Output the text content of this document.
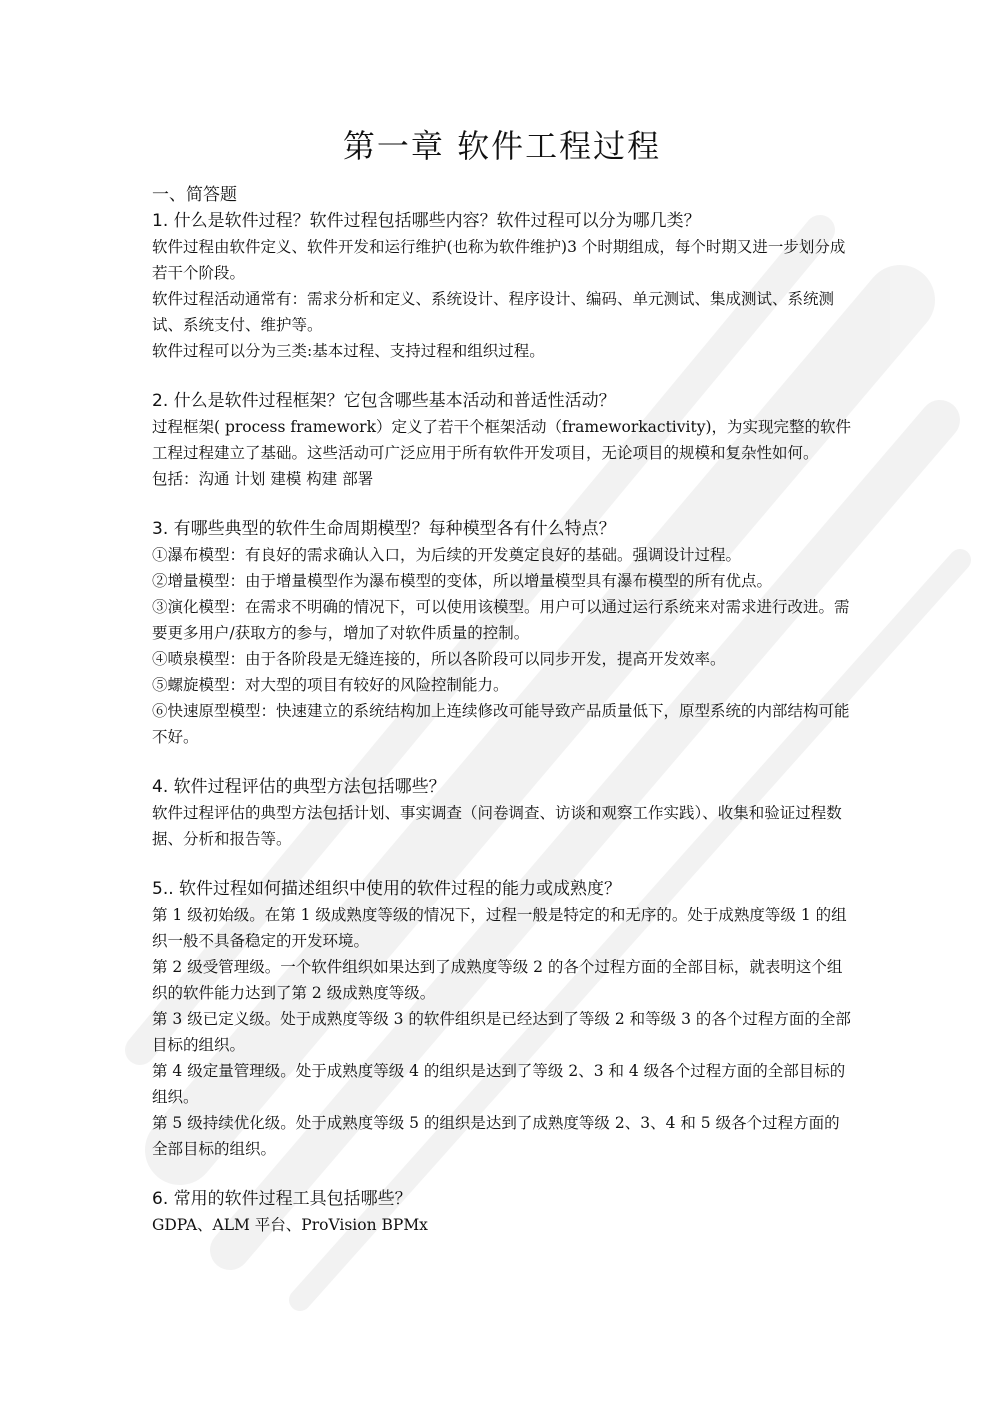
第一章 软件工程过程

一、简答题

1. 什么是软件过程？软件过程包括哪些内容？软件过程可以分为哪几类？

软件过程由软件定义、软件开发和运行维护(也称为软件维护)3 个时期组成，每个时期又进一步划分成若干个阶段。

软件过程活动通常有：需求分析和定义、系统设计、程序设计、编码、单元测试、集成测试、系统测试、系统支付、维护等。

软件过程可以分为三类:基本过程、支持过程和组织过程。

2. 什么是软件过程框架？它包含哪些基本活动和普适性活动？

过程框架( process framework）定义了若干个框架活动（frameworkactivity)，为实现完整的软件工程过程建立了基础。这些活动可广泛应用于所有软件开发项目，无论项目的规模和复杂性如何。

包括：沟通 计划 建模 构建 部署

3. 有哪些典型的软件生命周期模型？每种模型各有什么特点？

①瀑布模型：有良好的需求确认入口，为后续的开发奠定良好的基础。强调设计过程。

②增量模型：由于增量模型作为瀑布模型的变体，所以增量模型具有瀑布模型的所有优点。

③演化模型：在需求不明确的情况下，可以使用该模型。用户可以通过运行系统来对需求进行改进。需要更多用户/获取方的参与，增加了对软件质量的控制。

④喷泉模型：由于各阶段是无缝连接的，所以各阶段可以同步开发，提高开发效率。

⑤螺旋模型：对大型的项目有较好的风险控制能力。

⑥快速原型模型：快速建立的系统结构加上连续修改可能导致产品质量低下，原型系统的内部结构可能不好。

4. 软件过程评估的典型方法包括哪些？

软件过程评估的典型方法包括计划、事实调查（问卷调查、访谈和观察工作实践）、收集和验证过程数据、分析和报告等。

5.. 软件过程如何描述组织中使用的软件过程的能力或成熟度？

第 1 级初始级。在第 1 级成熟度等级的情况下，过程一般是特定的和无序的。处于成熟度等级 1 的组织一般不具备稳定的开发环境。

第 2 级受管理级。一个软件组织如果达到了成熟度等级 2 的各个过程方面的全部目标，就表明这个组织的软件能力达到了第 2 级成熟度等级。

第 3 级已定义级。处于成熟度等级 3 的软件组织是已经达到了等级 2 和等级 3 的各个过程方面的全部目标的组织。

第 4 级定量管理级。处于成熟度等级 4 的组织是达到了等级 2、3 和 4 级各个过程方面的全部目标的组织。

第 5 级持续优化级。处于成熟度等级 5 的组织是达到了成熟度等级 2、3、4 和 5 级各个过程方面的全部目标的组织。

6. 常用的软件过程工具包括哪些？

GDPA、ALM 平台、ProVision BPMx
